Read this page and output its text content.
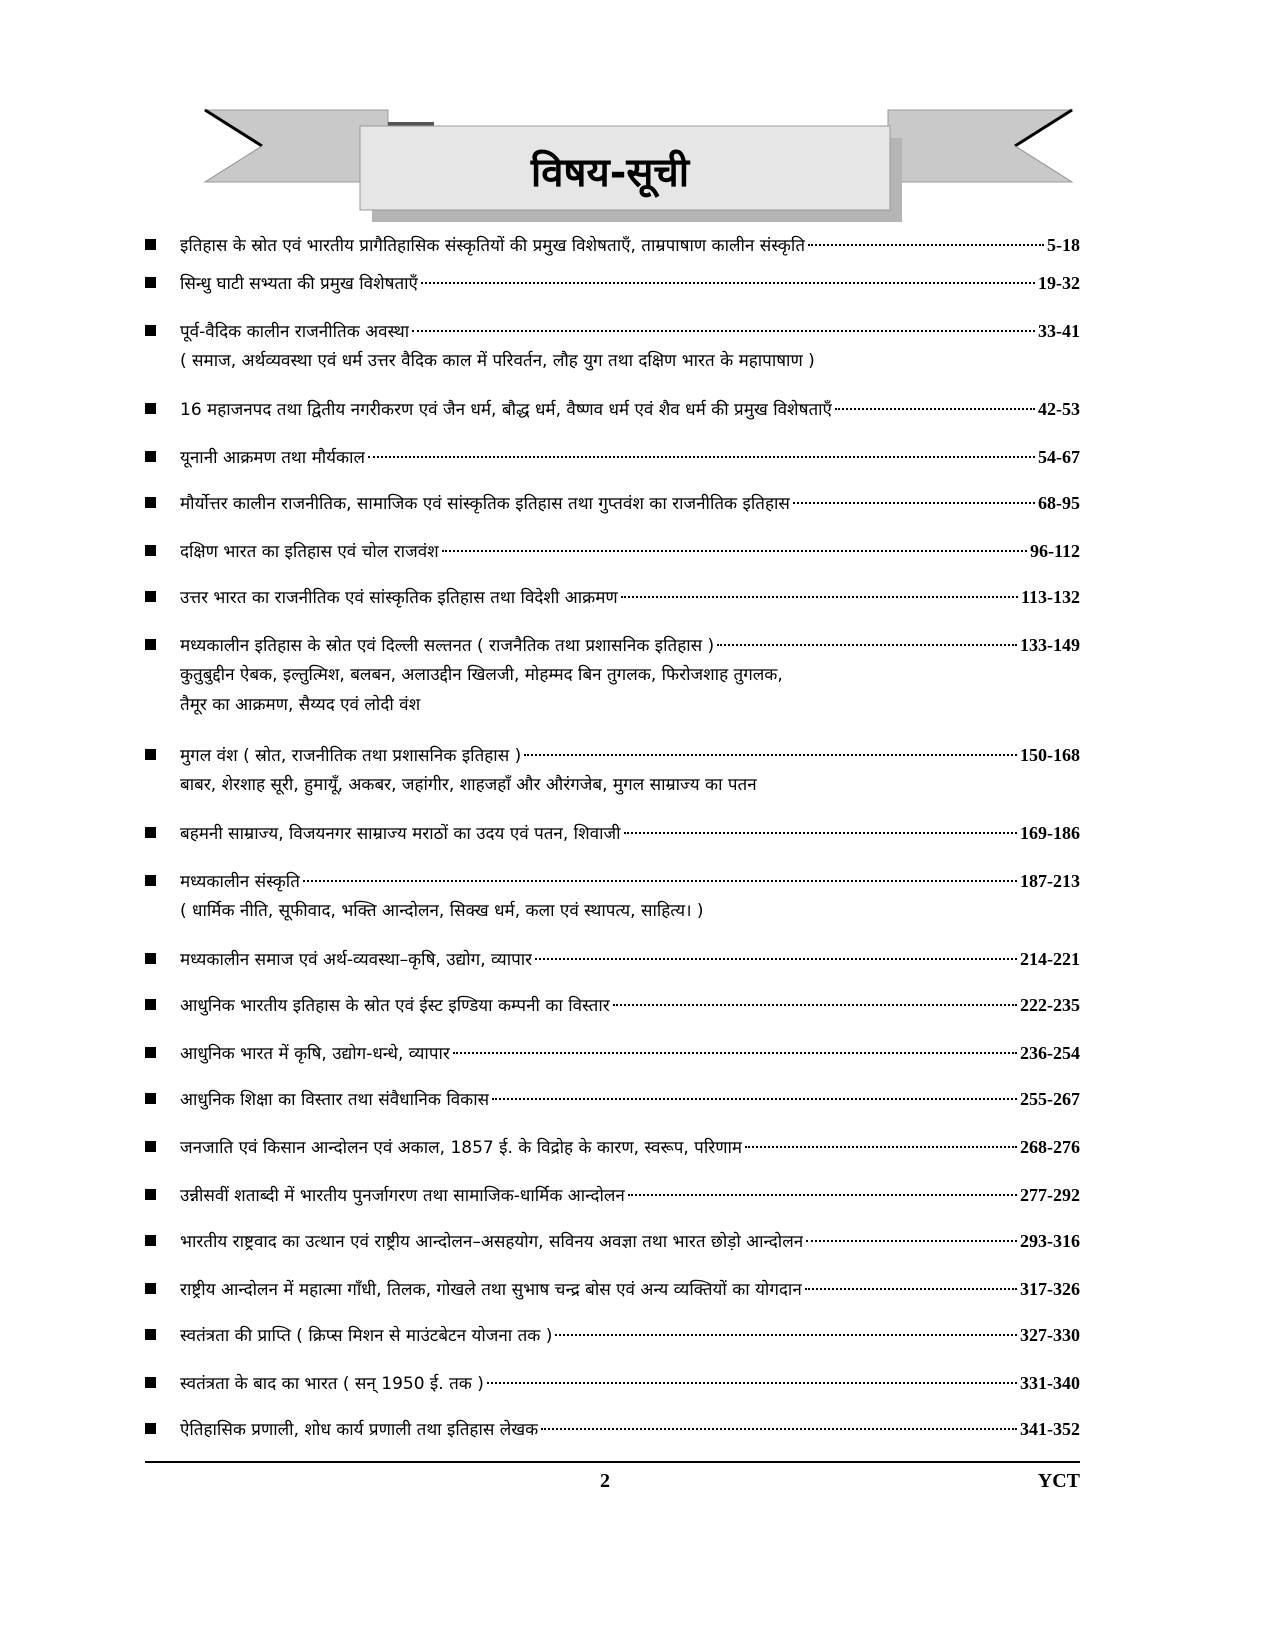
विषय-सूची
इतिहास के स्रोत एवं भारतीय प्रागैतिहासिक संस्कृतियों की प्रमुख विशेषताएँ, ताम्रपाषाण कालीन संस्कृति	5-18
सिन्धु घाटी सभ्यता की प्रमुख विशेषताएँ	19-32
पूर्व-वैदिक कालीन राजनीतिक अवस्था	33-41
( समाज, अर्थव्यवस्था एवं धर्म उत्तर वैदिक काल में परिवर्तन, लौह युग तथा दक्षिण भारत के महापाषाण )
16 महाजनपद तथा द्वितीय नगरीकरण एवं जैन धर्म, बौद्ध धर्म, वैष्णव धर्म एवं शैव धर्म की प्रमुख विशेषताएँ	42-53
यूनानी आक्रमण तथा मौर्यकाल	54-67
मौर्योत्तर कालीन राजनीतिक, सामाजिक एवं सांस्कृतिक इतिहास तथा गुप्तवंश का राजनीतिक इतिहास	68-95
दक्षिण भारत का इतिहास एवं चोल राजवंश	96-112
उत्तर भारत का राजनीतिक एवं सांस्कृतिक इतिहास तथा विदेशी आक्रमण	113-132
मध्यकालीन इतिहास के स्रोत एवं दिल्ली सल्तनत ( राजनैतिक तथा प्रशासनिक इतिहास )	133-149
कुतुबुद्दीन ऐबक, इल्तुत्मिश, बलबन, अलाउद्दीन खिलजी, मोहम्मद बिन तुगलक, फिरोजशाह तुगलक,
तैमूर का आक्रमण, सैय्यद एवं लोदी वंश
मुगल वंश ( स्रोत, राजनीतिक तथा प्रशासनिक इतिहास )	150-168
बाबर, शेरशाह सूरी, हुमायूँ, अकबर, जहांगीर, शाहजहाँ और औरंगजेब, मुगल साम्राज्य का पतन
बहमनी साम्राज्य, विजयनगर साम्राज्य मराठों का उदय एवं पतन, शिवाजी	169-186
मध्यकालीन संस्कृति	187-213
( धार्मिक नीति, सूफीवाद, भक्ति आन्दोलन, सिक्ख धर्म, कला एवं स्थापत्य, साहित्य। )
मध्यकालीन समाज एवं अर्थ-व्यवस्था–कृषि, उद्योग, व्यापार	214-221
आधुनिक भारतीय इतिहास के स्रोत एवं ईस्ट इण्डिया कम्पनी का विस्तार	222-235
आधुनिक भारत में कृषि, उद्योग-धन्धे, व्यापार	236-254
आधुनिक शिक्षा का विस्तार तथा संवैधानिक विकास	255-267
जनजाति एवं किसान आन्दोलन एवं अकाल, 1857 ई. के विद्रोह के कारण, स्वरूप, परिणाम	268-276
उन्नीसवीं शताब्दी में भारतीय पुनर्जागरण तथा सामाजिक-धार्मिक आन्दोलन	277-292
भारतीय राष्ट्रवाद का उत्थान एवं राष्ट्रीय आन्दोलन–असहयोग, सविनय अवज्ञा तथा भारत छोड़ो आन्दोलन	293-316
राष्ट्रीय आन्दोलन में महात्मा गाँधी, तिलक, गोखले तथा सुभाष चन्द्र बोस एवं अन्य व्यक्तियों का योगदान	317-326
स्वतंत्रता की प्राप्ति ( क्रिप्स मिशन से माउंटबेटन योजना तक )	327-330
स्वतंत्रता के बाद का भारत ( सन् 1950 ई. तक )	331-340
ऐतिहासिक प्रणाली, शोध कार्य प्रणाली तथा इतिहास लेखक	341-352
2	YCT
